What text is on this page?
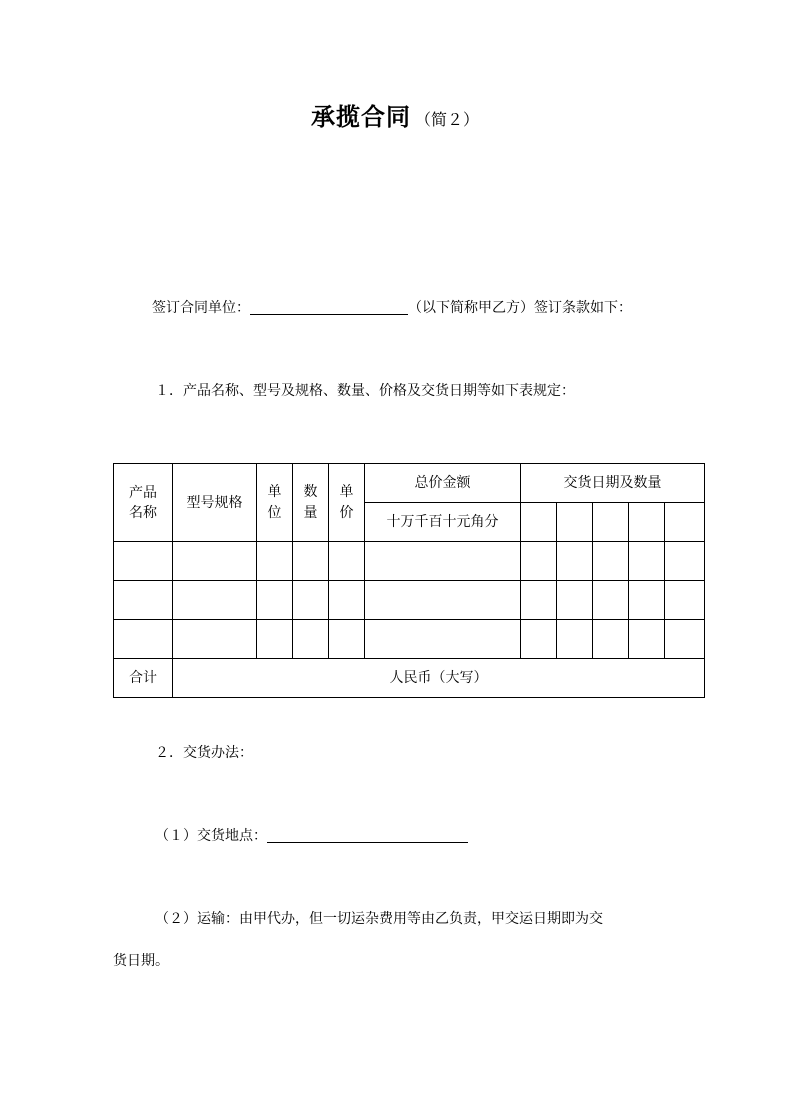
承揽合同 （简２）
签订合同单位：	（以下简称甲乙方）签订条款如下：
１．产品名称、型号及规格、数量、价格及交货日期等如下表规定：
产品名称	型号规格	单位	数量	单价	总价金额	交货日期及数量				
					十万千百十元角分					

合计	人民币（大写）									
２．交货办法：
（１）交货地点：
（２）运输：由甲代办，但一切运杂费用等由乙负责，甲交运日期即为交
货日期。
